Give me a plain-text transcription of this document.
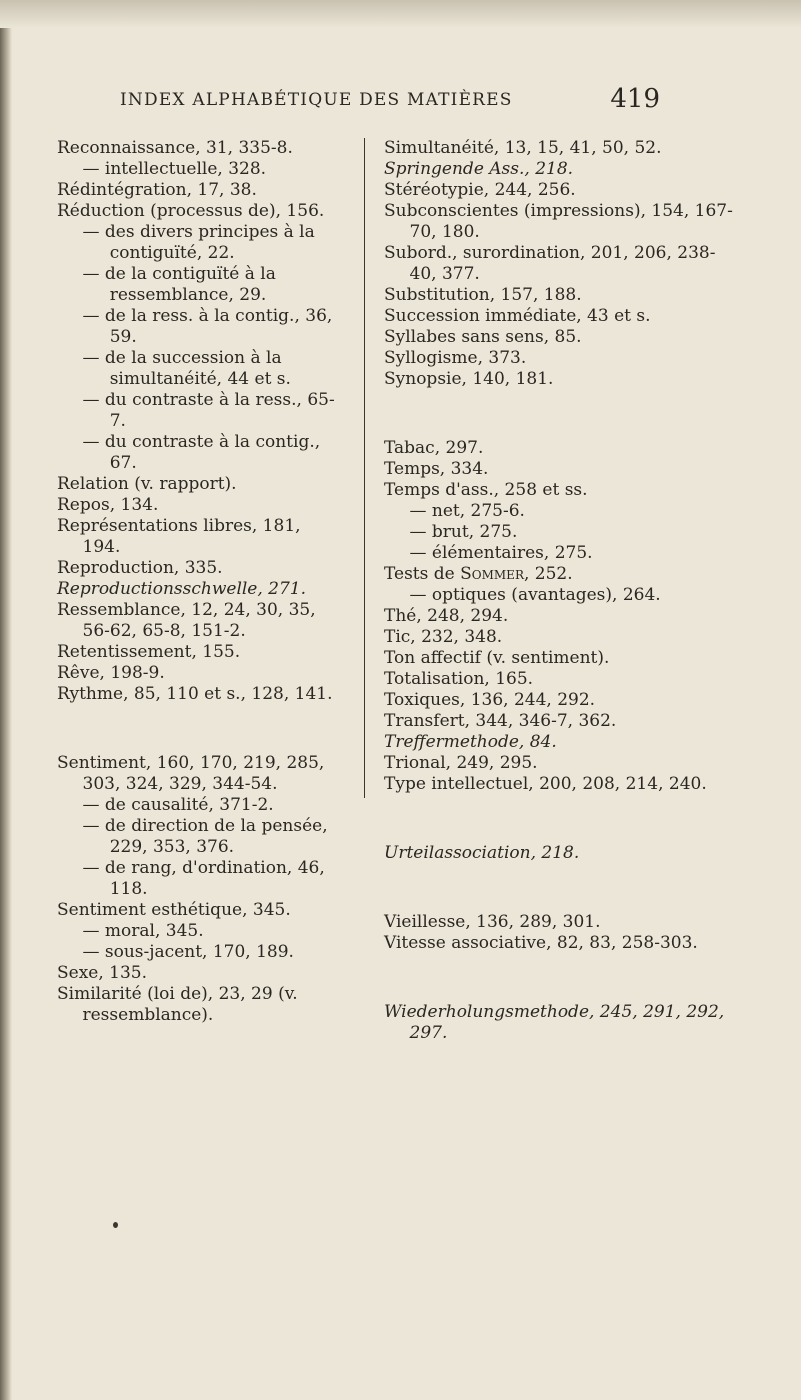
INDEX ALPHABÉTIQUE DES MATIÈRES	419

Reconnaissance, 31, 335-8.

— intellectuelle, 328.

Rédintégration, 17, 38.

Réduction (processus de), 156.

— des divers principes à la contiguïté, 22.

— de la contiguïté à la ressemblance, 29.

— de la ress. à la contig., 36, 59.

— de la succession à la simultanéité, 44 et s.

— du contraste à la ress., 65-7.

— du contraste à la contig., 67.

Relation (v. rapport).

Repos, 134.

Représentations libres, 181, 194.

Reproduction, 335.

Reproductionsschwelle, 271.

Ressemblance, 12, 24, 30, 35, 56-62, 65-8, 151-2.

Retentissement, 155.

Rêve, 198-9.

Rythme, 85, 110 et s., 128, 141.

Sentiment, 160, 170, 219, 285, 303, 324, 329, 344-54.

— de causalité, 371-2.

— de direction de la pensée, 229, 353, 376.

— de rang, d'ordination, 46, 118.

Sentiment esthétique, 345.

— moral, 345.

— sous-jacent, 170, 189.

Sexe, 135.

Similarité (loi de), 23, 29 (v. ressemblance).

Simultanéité, 13, 15, 41, 50, 52.

Springende Ass., 218.

Stéréotypie, 244, 256.

Subconscientes (impressions), 154, 167-70, 180.

Subord., surordination, 201, 206, 238-40, 377.

Substitution, 157, 188.

Succession immédiate, 43 et s.

Syllabes sans sens, 85.

Syllogisme, 373.

Synopsie, 140, 181.

Tabac, 297.

Temps, 334.

Temps d'ass., 258 et ss.

— net, 275-6.

— brut, 275.

— élémentaires, 275.

Tests de Sommer, 252.

— optiques (avantages), 264.

Thé, 248, 294.

Tic, 232, 348.

Ton affectif (v. sentiment).

Totalisation, 165.

Toxiques, 136, 244, 292.

Transfert, 344, 346-7, 362.

Treffermethode, 84.

Trional, 249, 295.

Type intellectuel, 200, 208, 214, 240.

Urteilassociation, 218.

Vieillesse, 136, 289, 301.

Vitesse associative, 82, 83, 258-303.

Wiederholungsmethode, 245, 291, 292, 297.
